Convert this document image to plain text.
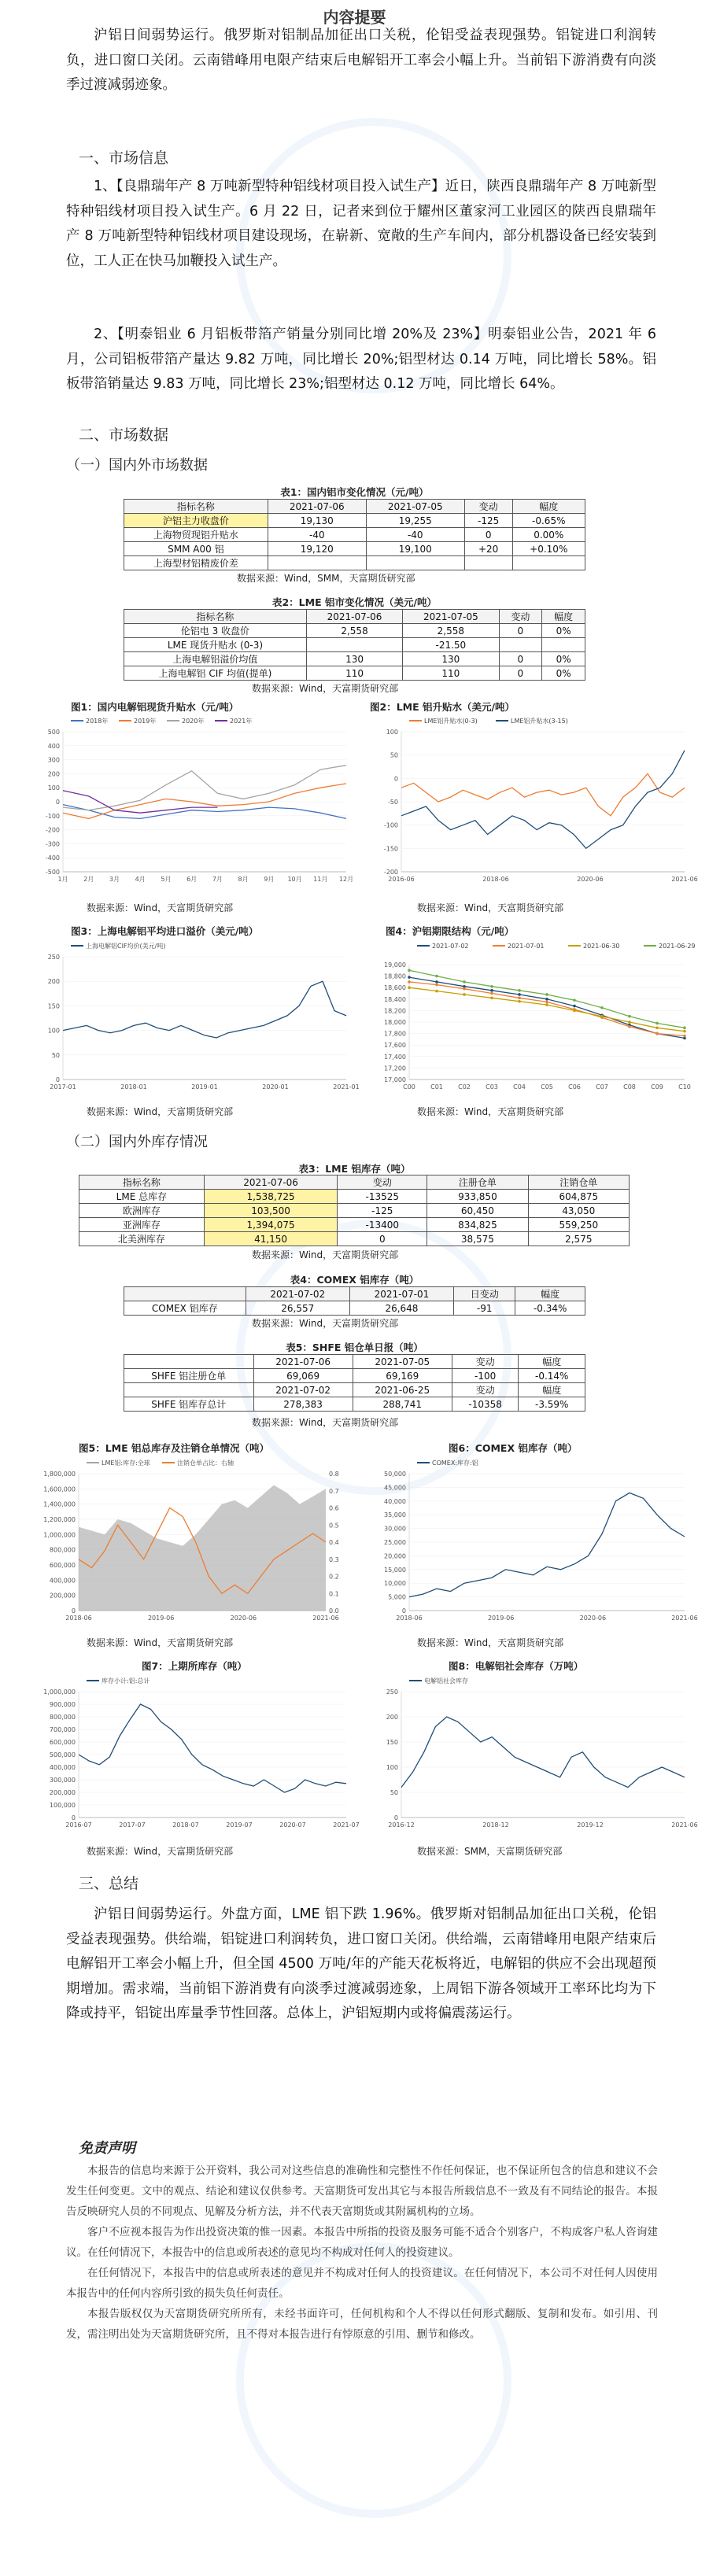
内容提要

沪铝日间弱势运行。俄罗斯对铝制品加征出口关税，伦铝受益表现强势。铝锭进口利润转负，进口窗口关闭。云南错峰用电限产结束后电解铝开工率会小幅上升。当前铝下游消费有向淡季过渡减弱迹象。

一、市场信息

1、【良鼎瑞年产 8 万吨新型特种铝线材项目投入试生产】近日，陕西良鼎瑞年产 8 万吨新型特种铝线材项目投入试生产。6 月 22 日，记者来到位于耀州区董家河工业园区的陕西良鼎瑞年产 8 万吨新型特种铝线材项目建设现场，在崭新、宽敞的生产车间内，部分机器设备已经安装到位，工人正在快马加鞭投入试生产。

2、【明泰铝业 6 月铝板带箔产销量分别同比增 20%及 23%】明泰铝业公告，2021 年 6 月，公司铝板带箔产量达 9.82 万吨，同比增长 20%;铝型材达 0.14 万吨，同比增长 58%。铝板带箔销量达 9.83 万吨，同比增长 23%;铝型材达 0.12 万吨，同比增长 64%。

二、市场数据
（一）国内外市场数据
表1：国内铝市变化情况（元/吨）
指标名称	2021-07-06	2021-07-05	变动	幅度
沪铝主力收盘价	19,130	19,255	-125	-0.65%
上海物贸现铝升贴水	-40	-40	0	0.00%
SMM A00 铝	19,120	19,100	+20	+0.10%
上海型材铝精废价差				
数据来源：Wind，SMM，天富期货研究部
表2：LME 铝市变化情况（美元/吨）
指标名称	2021-07-06	2021-07-05	变动	幅度
伦铝电 3 收盘价	2,558	2,558	0	0%
LME 现货升贴水 (0-3)		-21.50		
上海电解铝溢价均值	130	130	0	0%
上海电解铝 CIF 均值(提单)	110	110	0	0%
数据来源：Wind，天富期货研究部
图1：国内电解铝现货升贴水（元/吨）	图2：LME 铝升贴水（美元/吨）
500
400
300
200
100
0
-100
-200
-300
-400
-500
1月 2月 3月 4月 5月 6月 7月 8月 9月 10月 11月 12月
2018年	2019年	2020年	2021年
100
50
0
-50
-100
-150
-200
2016-06	2018-06	2020-06	2021-06
LME铝升贴水(0-3)	LME铝升贴水(3-15)
数据来源：Wind，天富期货研究部	数据来源：Wind，天富期货研究部
图3：上海电解铝平均进口溢价（美元/吨）	图4：沪铝期限结构（元/吨）
250
200
150
100
50
0
2017-01	2018-01	2019-01	2020-01	2021-01
上海电解铝CIF均价(美元/吨)
19,000
18,800
18,600
18,400
18,200
18,000
17,800
17,600
17,400
17,200
17,000
C00 C01 C02 C03 C04 C05 C06 C07 C08 C09 C10
2021-07-02	2021-07-01	2021-06-30	2021-06-29
数据来源：Wind，天富期货研究部	数据来源：Wind，天富期货研究部
（二）国内外库存情况
表3：LME 铝库存（吨）
指标名称	2021-07-06	变动	注册仓单	注销仓单
LME 总库存	1,538,725	-13525	933,850	604,875
欧洲库存	103,500	-125	60,450	43,050
亚洲库存	1,394,075	-13400	834,825	559,250
北美洲库存	41,150	0	38,575	2,575
数据来源：Wind，天富期货研究部
表4：COMEX 铝库存（吨）
	2021-07-02	2021-07-01	日变动	幅度
COMEX 铝库存	26,557	26,648	-91	-0.34%
数据来源：Wind，天富期货研究部
表5：SHFE 铝仓单日报（吨）
	2021-07-06	2021-07-05	变动	幅度
SHFE 铝注册仓单	69,069	69,169	-100	-0.14%
	2021-07-02	2021-06-25	变动	幅度
SHFE 铝库存总计	278,383	288,741	-10358	-3.59%
数据来源：Wind，天富期货研究部
图5：LME 铝总库存及注销仓单情况（吨）	图6：COMEX 铝库存（吨）
1,800,000
1,600,000
1,400,000
1,200,000
1,000,000
800,000
600,000
400,000
200,000
0
0.8
0.7
0.6
0.5
0.4
0.3
0.2
0.1
0.0
2018-06	2019-06	2020-06	2021-06
LME铝:库存:全球	注销仓单占比：右轴
50,000
45,000
40,000
35,000
30,000
25,000
20,000
15,000
10,000
5,000
0
2018-06	2019-06	2020-06	2021-06
COMEX:库存:铝
数据来源：Wind，天富期货研究部	数据来源：Wind，天富期货研究部
图7：上期所库存（吨）	图8：电解铝社会库存（万吨）
1,000,000
900,000
800,000
700,000
600,000
500,000
400,000
300,000
200,000
100,000
0
2016-07	2017-07	2018-07	2019-07	2020-07	2021-07
库存小计:铝:总计
250
200
150
100
50
0
2016-12	2018-12	2019-12	2021-06
电解铝社会库存
数据来源：Wind，天富期货研究部	数据来源：SMM，天富期货研究部
三、总结

沪铝日间弱势运行。外盘方面，LME 铝下跌 1.96%。俄罗斯对铝制品加征出口关税，伦铝受益表现强势。供给端，铝锭进口利润转负，进口窗口关闭。供给端，云南错峰用电限产结束后电解铝开工率会小幅上升，但全国 4500 万吨/年的产能天花板将近，电解铝的供应不会出现超预期增加。需求端，当前铝下游消费有向淡季过渡减弱迹象，上周铝下游各领域开工率环比均为下降或持平，铝锭出库量季节性回落。总体上，沪铝短期内或将偏震荡运行。

免责声明

本报告的信息均来源于公开资料，我公司对这些信息的准确性和完整性不作任何保证，也不保证所包含的信息和建议不会发生任何变更。文中的观点、结论和建议仅供参考。天富期货可发出其它与本报告所载信息不一致及有不同结论的报告。本报告反映研究人员的不同观点、见解及分析方法，并不代表天富期货或其附属机构的立场。

客户不应视本报告为作出投资决策的惟一因素。本报告中所指的投资及服务可能不适合个别客户，不构成客户私人咨询建议。在任何情况下，本报告中的信息或所表述的意见均不构成对任何人的投资建议。

在任何情况下，本报告中的信息或所表述的意见并不构成对任何人的投资建议。在任何情况下，本公司不对任何人因使用本报告中的任何内容所引致的损失负任何责任。

本报告版权仅为天富期货研究所所有，未经书面许可，任何机构和个人不得以任何形式翻版、复制和发布。如引用、刊发，需注明出处为天富期货研究所，且不得对本报告进行有悖原意的引用、删节和修改。
